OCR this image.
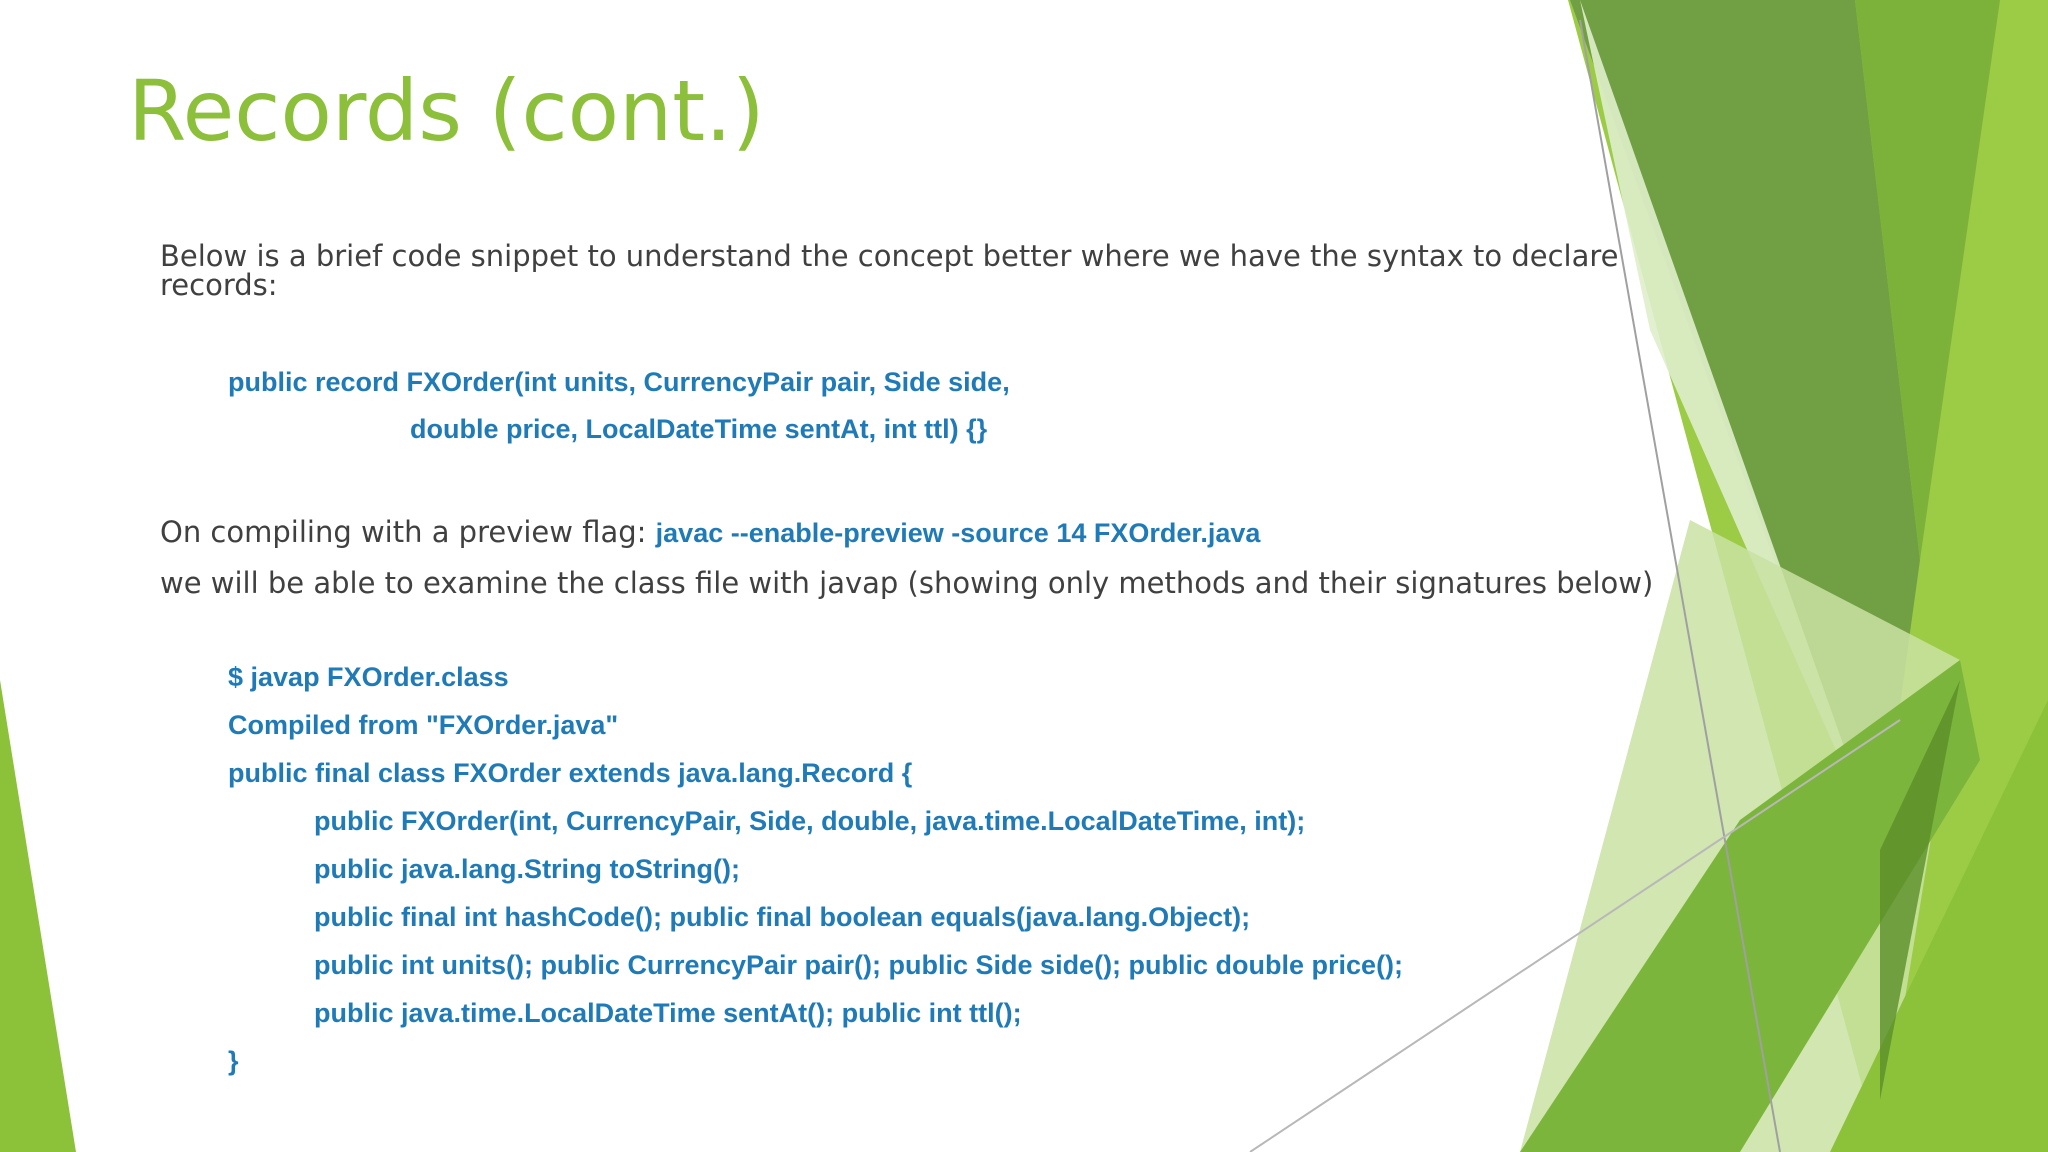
Records (cont.)
Below is a brief code snippet to understand the concept better where we have the syntax to declare
records:
public record FXOrder(int units, CurrencyPair pair, Side side,
double price, LocalDateTime sentAt, int ttl) {}
On compiling with a preview flag: javac --enable-preview -source 14 FXOrder.java
we will be able to examine the class file with javap (showing only methods and their signatures below)
$ javap FXOrder.class
Compiled from "FXOrder.java"
public final class FXOrder extends java.lang.Record {
public FXOrder(int, CurrencyPair, Side, double, java.time.LocalDateTime, int);
public java.lang.String toString();
public final int hashCode(); public final boolean equals(java.lang.Object);
public int units(); public CurrencyPair pair(); public Side side(); public double price();
public java.time.LocalDateTime sentAt(); public int ttl();
}
